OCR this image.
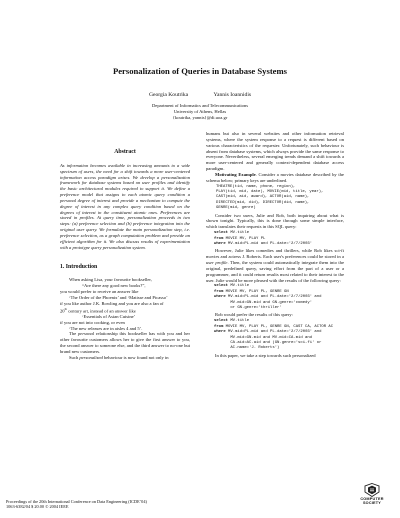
Personalization of Queries in Database Systems
Georgia Koutrika	Yannis Ioannidis
Department of Informatics and Telecommunications
University of Athens, Hellas
{koutrika, yannis}@di.uoa.gr
Abstract

As information becomes available in increasing amounts to a wide spectrum of users, the need for a shift towards a more user-centered information access paradigm arises. We develop a personalization framework for database systems based on user profiles and identify the basic architectural modules required to support it. We define a preference model that assigns to each atomic query condition a personal degree of interest and provide a mechanism to compute the degree of interest in any complex query condition based on the degrees of interest in the constituent atomic ones. Preferences are stored in profiles. At query time, personalization proceeds in two steps: (a) preference selection and (b) preference integration into the original user query. We formulate the main personalization step, i.e. preference selection, as a graph computation problem and provide an efficient algorithm for it. We also discuss results of experimentation with a prototype query personalization system.

1. Introduction

When asking Lisa, your favourite bookseller,

“Are there any good new books?”,

you would prefer to receive an answer like

‘The Order of the Phoenix’ and ‘Matisse and Picasso’

if you like author J.K. Rowling and you are also a fan of

20th century art, instead of an answer like

‘Essentials of Asian Cuisine’

if you are not into cooking, or even

‘The new releases are in aisles 4 and 5’.

The personal relationship this bookseller has with you and her other favourite customers allows her to give the first answer to you, the second answer to someone else, and the third answer to no-one but brand new customers.

Such personalized behaviour is now found not only in

humans but also in several websites and other information retrieval systems, where the system response to a request is different based on various characteristics of the requester. Unfortunately, such behaviour is absent from database systems, which always provide the same response to everyone. Nevertheless, several emerging trends demand a shift towards a more user-centered and generally context-dependent database access paradigm.

Motivating Example. Consider a movies database described by the schema below; primary keys are underlined.

THEATRE(tid, name, phone, region),
PLAY(tid, mid, date), MOVIE(mid, title, year),
CAST(mid, aid, award), ACTOR(aid, name),
DIRECTED(mid, did), DIRECTOR(did, name),
GENRE(mid, genre)

Consider two users, Julie and Rob, both inquiring about what is shown tonight. Typically, this is done through some simple interface, which translates their requests in this SQL query:

select MV.title
from MOVIE MV, PLAY PL
where MV.mid=PL.mid and PL.date='2/7/2003'

However, Julie likes comedies and thrillers, while Rob likes sci-fi movies and actress J. Roberts. Each user's preferences could be stored in a user profile. Then, the system could automatically integrate them into the original, predefined query, saving effort from the part of a user or a programmer, and it could return results most related to their interest to the user. Julie would be more pleased with the results of the following query:

select MV.title
from MOVIE MV, PLAY PL, GENRE GN
where MV.mid=PL.mid and PL.date='2/7/2003' and
MV.mid=GN.mid and GN.genre='comedy'
or GN.genre='thriller'

Rob would prefer the results of this query:

select MV.title
from MOVIE MV, PLAY PL, GENRE GN, CAST CA, ACTOR AC
where MV.mid=PL.mid and PL.date='2/7/2003' and
MV.mid=GN.mid and MV.mid=CA.mid and
CA.aid=AC.aid and (GN.genre='sci-fi' or
AC.name='J. Roberts')

In this paper, we take a step towards such personalized

Proceedings of the 20th International Conference on Data Engineering (ICDE’04)
1063-6382/04 $ 20.00 © 2004 IEEE
COMPUTER
SOCIETY
